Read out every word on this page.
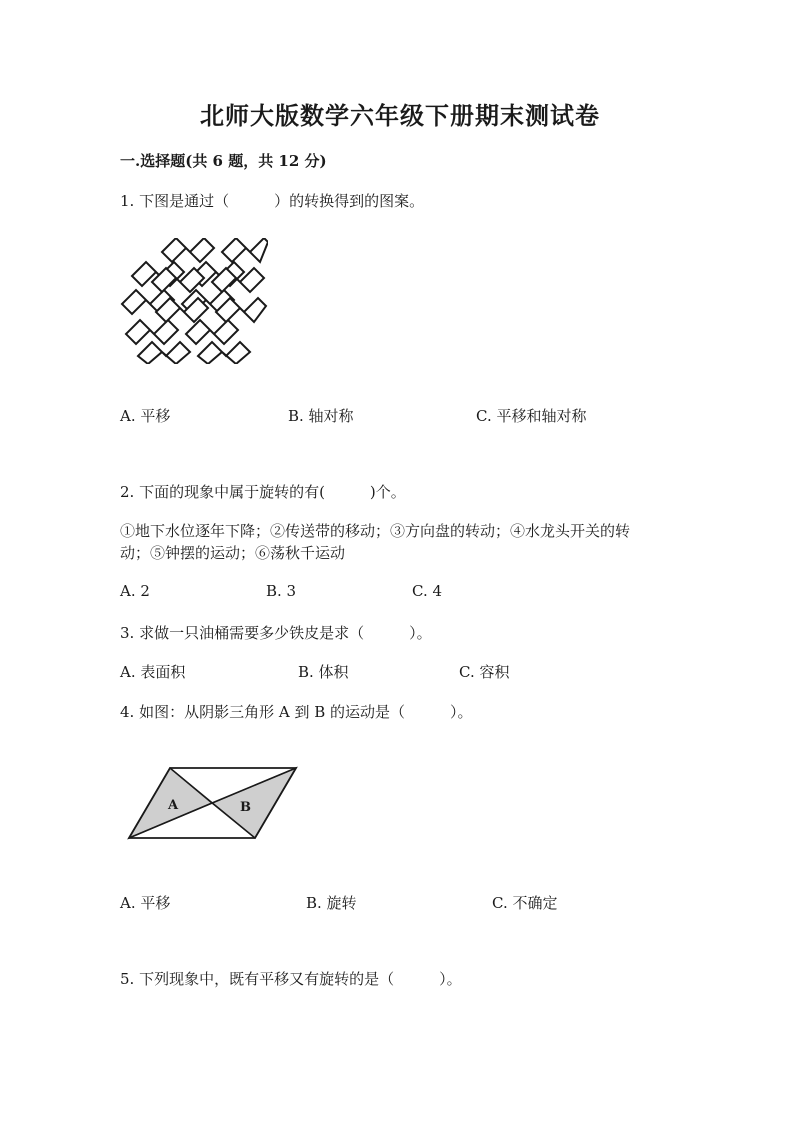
北师大版数学六年级下册期末测试卷
一.选择题(共 6 题，共 12 分)
1. 下图是通过（　　　）的转换得到的图案。
A. 平移	B. 轴对称	C. 平移和轴对称
2. 下面的现象中属于旋转的有(　　　)个。
①地下水位逐年下降；②传送带的移动；③方向盘的转动；④水龙头开关的转
动；⑤钟摆的运动；⑥荡秋千运动
A. 2	B. 3	C. 4
3. 求做一只油桶需要多少铁皮是求（　　　）。
A. 表面积	B. 体积	C. 容积
4. 如图：从阴影三角形 A 到 B 的运动是（　　　）。
A	B
A. 平移	B. 旋转	C. 不确定
5. 下列现象中，既有平移又有旋转的是（　　　）。
